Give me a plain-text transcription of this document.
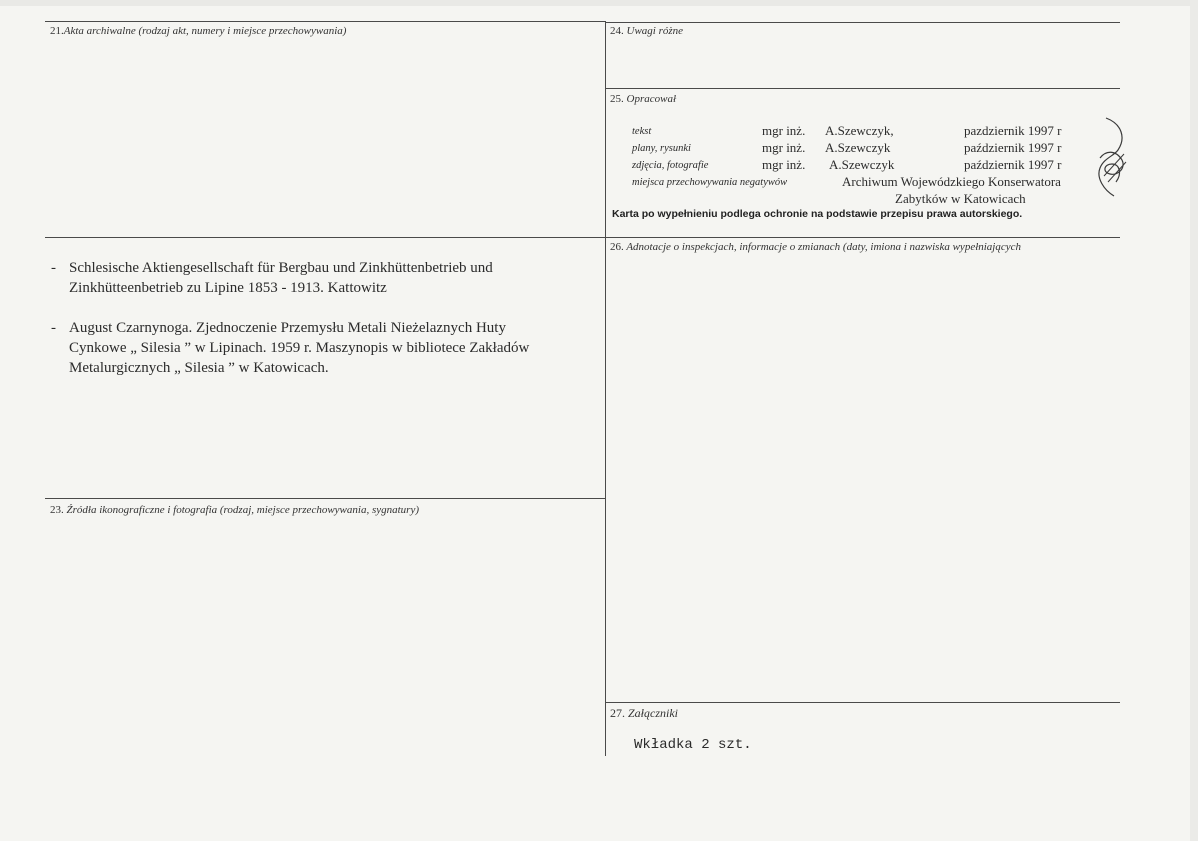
21.Akta archiwalne (rodzaj akt, numery i miejsce przechowywania)	24. Uwagi różne
25. Opracował
tekst	mgr inż. A.Szewczyk,	pazdziernik 1997 r
plany, rysunki	mgr inż. A.Szewczyk	październik 1997 r
zdjęcia, fotografie	mgr inż. A.Szewczyk	październik 1997 r
miejsca przechowywania negatywów	Archiwum Wojewódzkiego Konserwatora
Zabytków w Katowicach
Karta po wypełnieniu podlega ochronie na podstawie przepisu prawa autorskiego.
- Schlesische Aktiengesellschaft für Bergbau und Zinkhüttenbetrieb und
Zinkhütteenbetrieb zu Lipine 1853 - 1913. Kattowitz
- August Czarnynoga. Zjednoczenie Przemysłu Metali Nieżelaznych Huty
Cynkowe „ Silesia ” w Lipinach. 1959 r. Maszynopis w bibliotece Zakładów
Metalurgicznych „ Silesia ” w Katowicach.
26. Adnotacje o inspekcjach, informacje o zmianach (daty, imiona i nazwiska wypełniających
23. Źródła ikonograficzne i fotografia (rodzaj, miejsce przechowywania, sygnatury)
27. Załączniki
Wkładka 2 szt.
